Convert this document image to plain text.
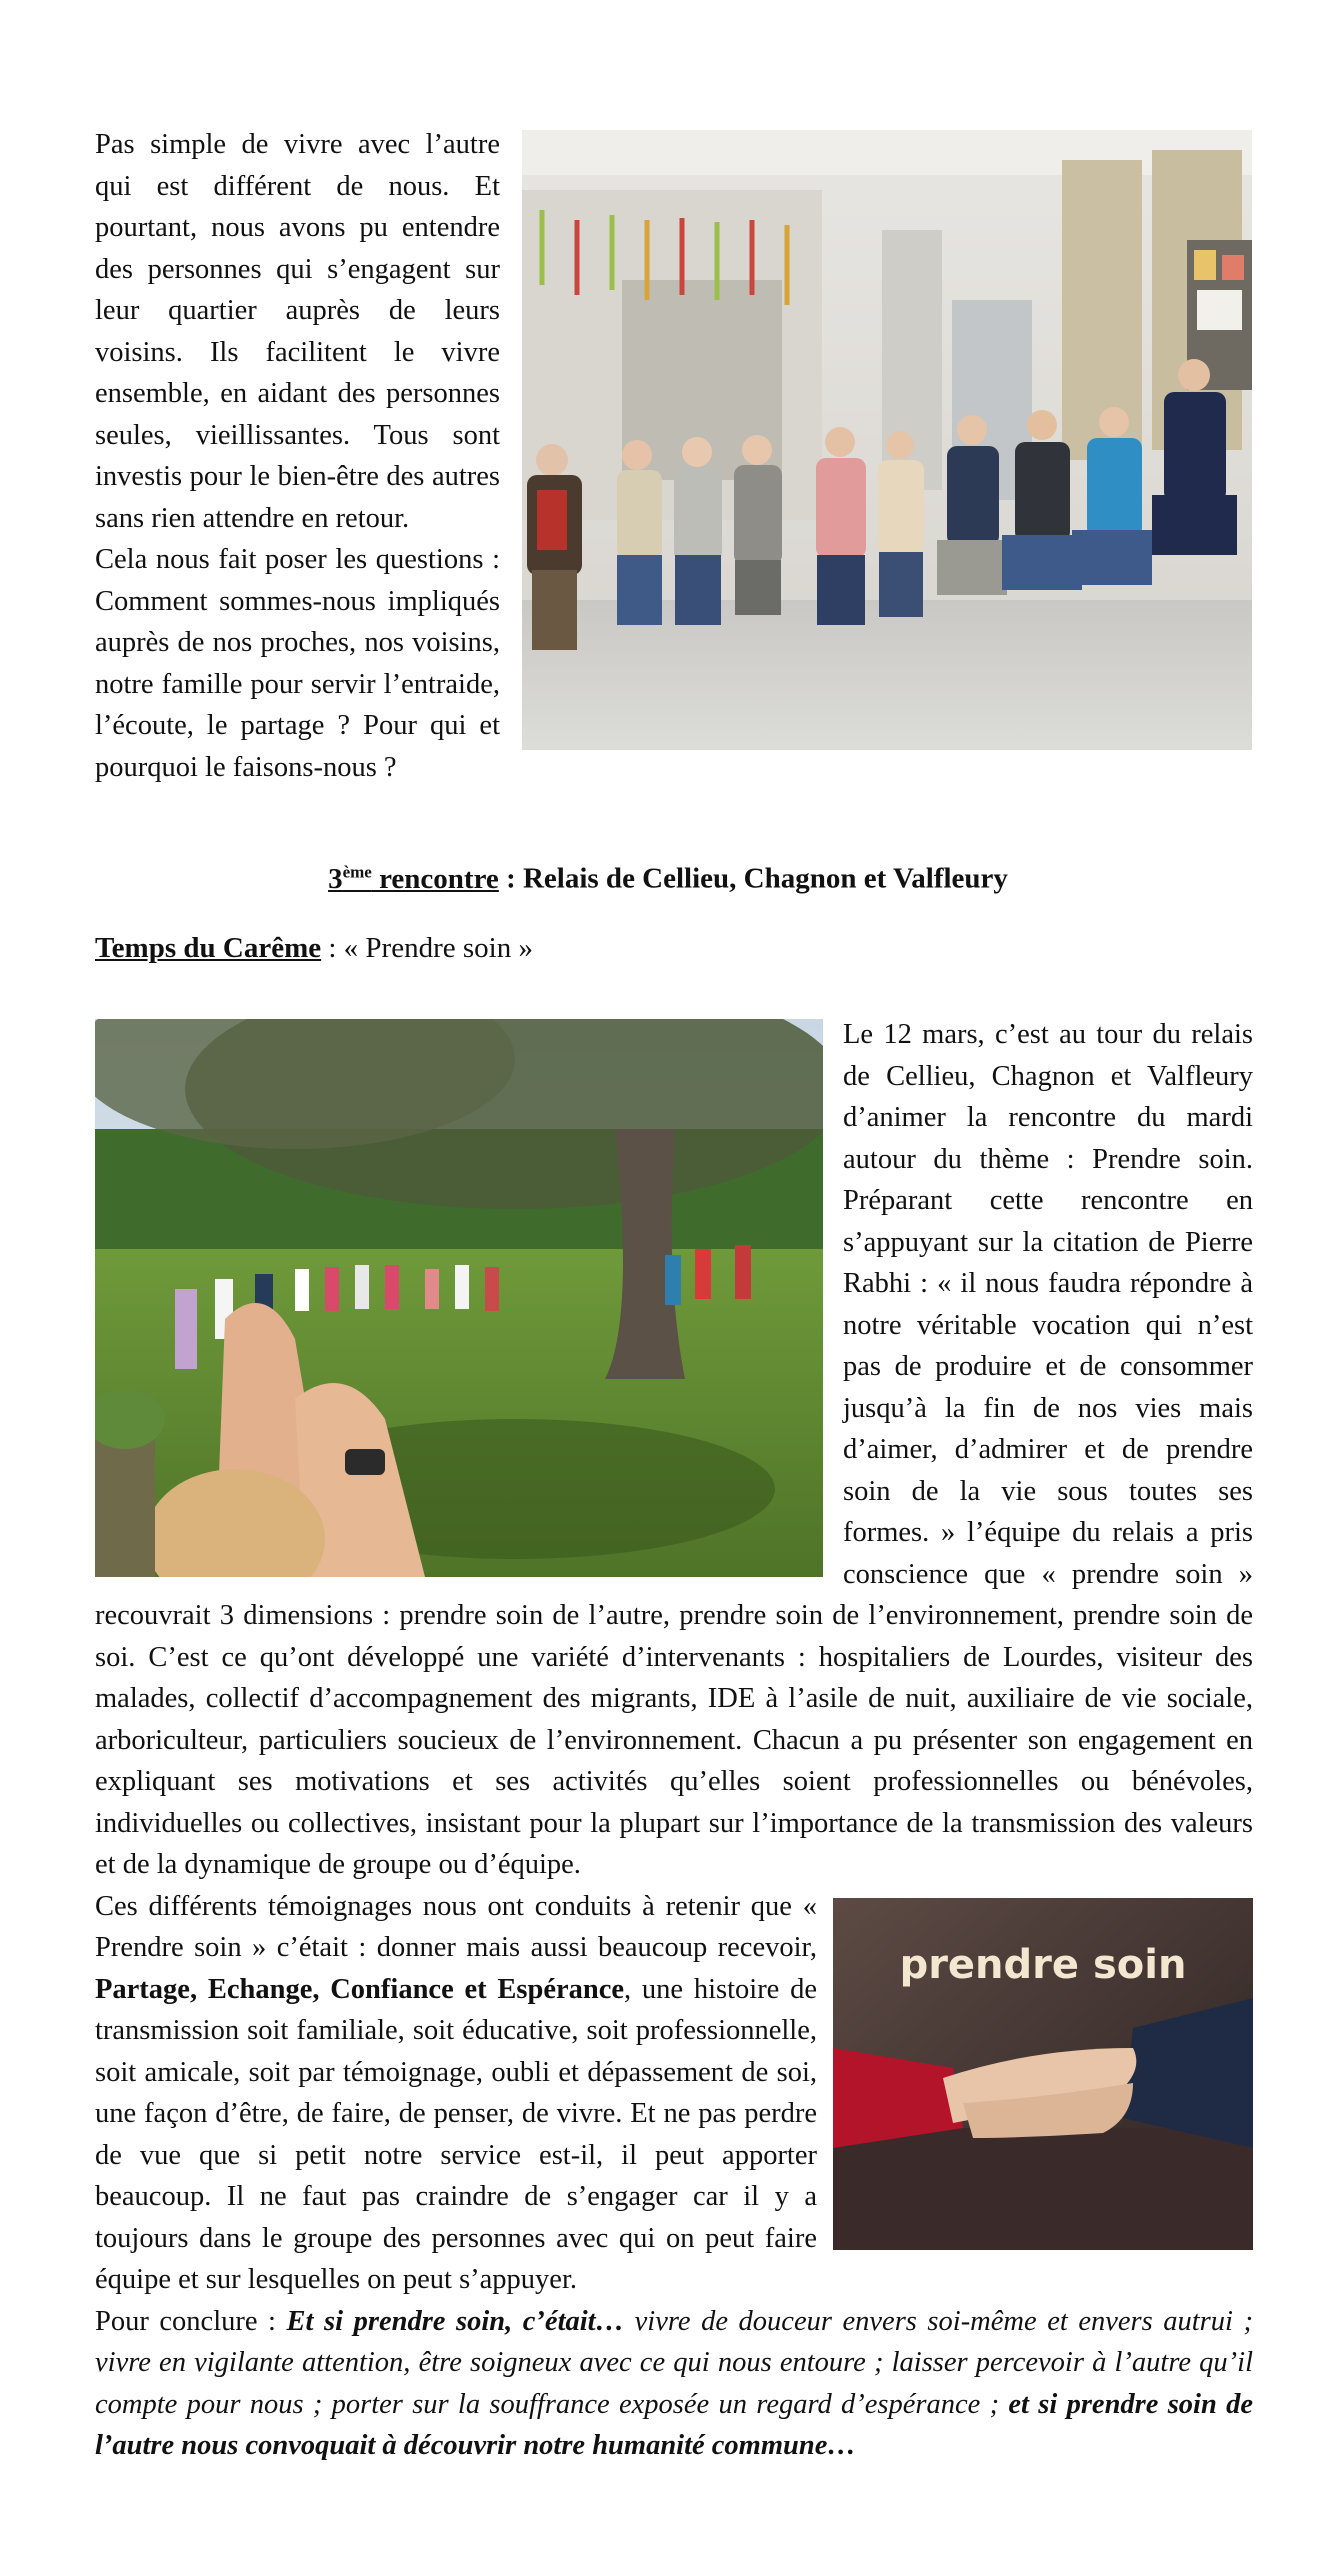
Pas simple de vivre avec l’autre qui est différent de nous. Et pourtant, nous avons pu entendre des personnes qui s’engagent sur leur quartier auprès de leurs voisins. Ils facilitent le vivre ensemble, en aidant des personnes seules, vieillissantes. Tous sont investis pour le bien-être des autres sans rien attendre en retour.

Cela nous fait poser les questions : Comment sommes-nous impliqués auprès de nos proches, nos voisins, notre famille pour servir l’entraide, l’écoute, le partage ? Pour qui et pourquoi le faisons-nous ?

3ème rencontre : Relais de Cellieu, Chagnon et Valfleury
Temps du Carême : « Prendre soin »

Le 12 mars, c’est au tour du relais de Cellieu, Chagnon et Valfleury d’animer la rencontre du mardi autour du thème : Prendre soin. Préparant cette rencontre en s’appuyant sur la citation de Pierre Rabhi : « il nous faudra répondre à notre véritable vocation qui n’est pas de produire et de consommer jusqu’à la fin de nos vies mais d’aimer, d’admirer et de prendre soin de la vie sous toutes ses formes. » l’équipe du relais a pris conscience que « prendre soin » recouvrait 3 dimensions : prendre soin de l’autre, prendre soin de l’environnement, prendre soin de soi. C’est ce qu’ont développé une variété d’intervenants : hospitaliers de Lourdes, visiteur des malades, collectif d’accompagnement des migrants, IDE à l’asile de nuit, auxiliaire de vie sociale, arboriculteur, particuliers soucieux de l’environnement. Chacun a pu présenter son engagement en expliquant ses motivations et ses activités qu’elles soient professionnelles ou bénévoles, individuelles ou collectives, insistant pour la plupart sur l’importance de la transmission des valeurs et de la dynamique de groupe ou d’équipe.

prendre soin

Ces différents témoignages nous ont conduits à retenir que « Prendre soin » c’était : donner mais aussi beaucoup recevoir, Partage, Echange, Confiance et Espérance, une histoire de transmission soit familiale, soit éducative, soit professionnelle, soit amicale, soit par témoignage, oubli et dépassement de soi, une façon d’être, de faire, de penser, de vivre. Et ne pas perdre de vue que si petit notre service est-il, il peut apporter beaucoup. Il ne faut pas craindre de s’engager car il y a toujours dans le groupe des personnes avec qui on peut faire équipe et sur lesquelles on peut s’appuyer.

Pour conclure : Et si prendre soin, c’était… vivre de douceur envers soi-même et envers autrui ; vivre en vigilante attention, être soigneux avec ce qui nous entoure ; laisser percevoir à l’autre qu’il compte pour nous ; porter sur la souffrance exposée un regard d’espérance ; et si prendre soin de l’autre nous convoquait à découvrir notre humanité commune…
